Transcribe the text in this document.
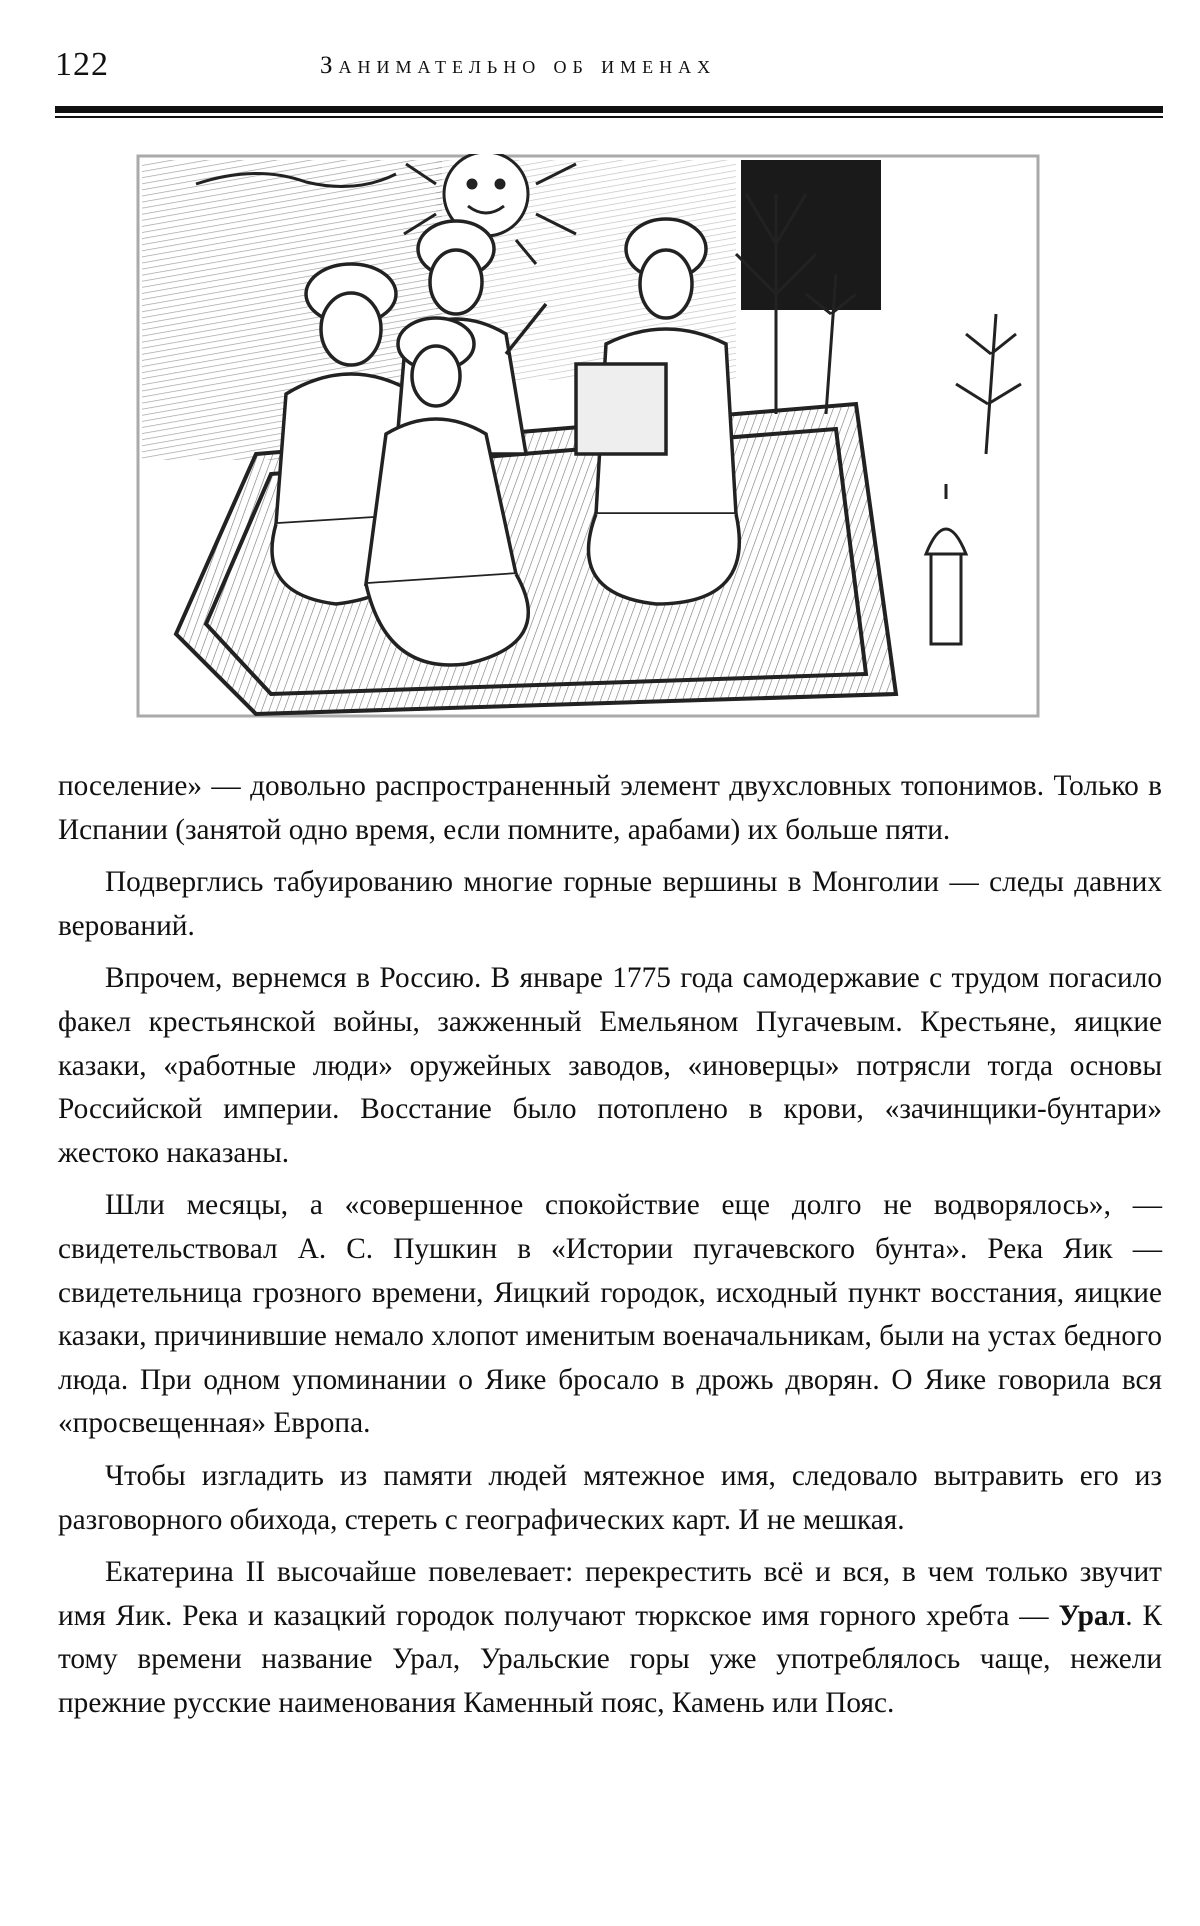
122	Занимательно об именах

поселение» — довольно распространенный элемент двухсловных топонимов. Только в Испании (занятой одно время, если помните, арабами) их больше пяти.

Подверглись табуированию многие горные вершины в Монголии — следы давних верований.

Впрочем, вернемся в Россию. В январе 1775 года самодержавие с трудом погасило факел крестьянской войны, зажженный Емельяном Пугачевым. Крестьяне, яицкие казаки, «работные люди» оружейных заводов, «иноверцы» потрясли тогда основы Российской империи. Восстание было потоплено в крови, «зачинщики-бунтари» жестоко наказаны.

Шли месяцы, а «совершенное спокойствие еще долго не водворялось», — свидетельствовал А. С. Пушкин в «Истории пугачевского бунта». Река Яик — свидетельница грозного времени, Яицкий городок, исходный пункт восстания, яицкие казаки, причинившие немало хлопот именитым военачальникам, были на устах бедного люда. При одном упоминании о Яике бросало в дрожь дворян. О Яике говорила вся «просвещенная» Европа.

Чтобы изгладить из памяти людей мятежное имя, следовало вытравить его из разговорного обихода, стереть с географических карт. И не мешкая.

Екатерина II высочайше повелевает: перекрестить всё и вся, в чем только звучит имя Яик. Река и казацкий городок получают тюркское имя горного хребта — Урал. К тому времени название Урал, Уральские горы уже употреблялось чаще, нежели прежние русские наименования Каменный пояс, Камень или Пояс.
